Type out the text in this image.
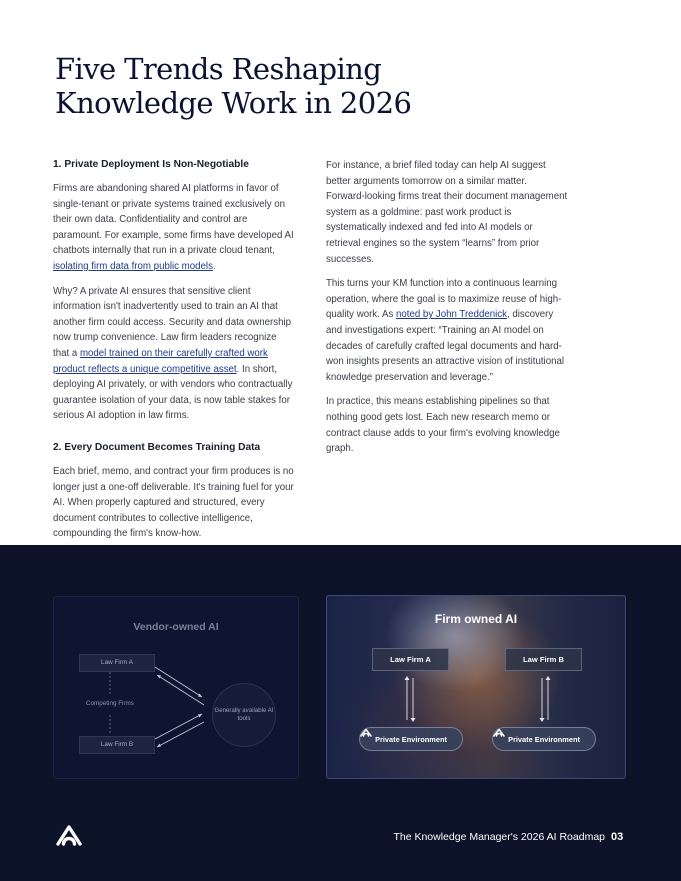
Five Trends Reshaping Knowledge Work in 2026
1. Private Deployment Is Non-Negotiable

Firms are abandoning shared AI platforms in favor of single-tenant or private systems trained exclusively on their own data. Confidentiality and control are paramount. For example, some firms have developed AI chatbots internally that run in a private cloud tenant, isolating firm data from public models.

Why? A private AI ensures that sensitive client information isn't inadvertently used to train an AI that another firm could access. Security and data ownership now trump convenience. Law firm leaders recognize that a model trained on their carefully crafted work product reflects a unique competitive asset. In short, deploying AI privately, or with vendors who contractually guarantee isolation of your data, is now table stakes for serious AI adoption in law firms.

2. Every Document Becomes Training Data

Each brief, memo, and contract your firm produces is no longer just a one-off deliverable. It's training fuel for your AI. When properly captured and structured, every document contributes to collective intelligence, compounding the firm's know-how.

For instance, a brief filed today can help AI suggest better arguments tomorrow on a similar matter. Forward-looking firms treat their document management system as a goldmine: past work product is systematically indexed and fed into AI models or retrieval engines so the system “learns” from prior successes.

This turns your KM function into a continuous learning operation, where the goal is to maximize reuse of high-quality work. As noted by John Treddenick, discovery and investigations expert: “Training an AI model on decades of carefully crafted legal documents and hard-won insights presents an attractive vision of institutional knowledge preservation and leverage.”

In practice, this means establishing pipelines so that nothing good gets lost. Each new research memo or contract clause adds to your firm's evolving knowledge graph.

Vendor-owned AI
Law Firm A
Competing Firms
Law Firm B
Generally available AI tools
Firm owned AI
Law Firm A	Law Firm B
Private Environment	Private Environment
The Knowledge Manager's 2026 AI Roadmap 03
